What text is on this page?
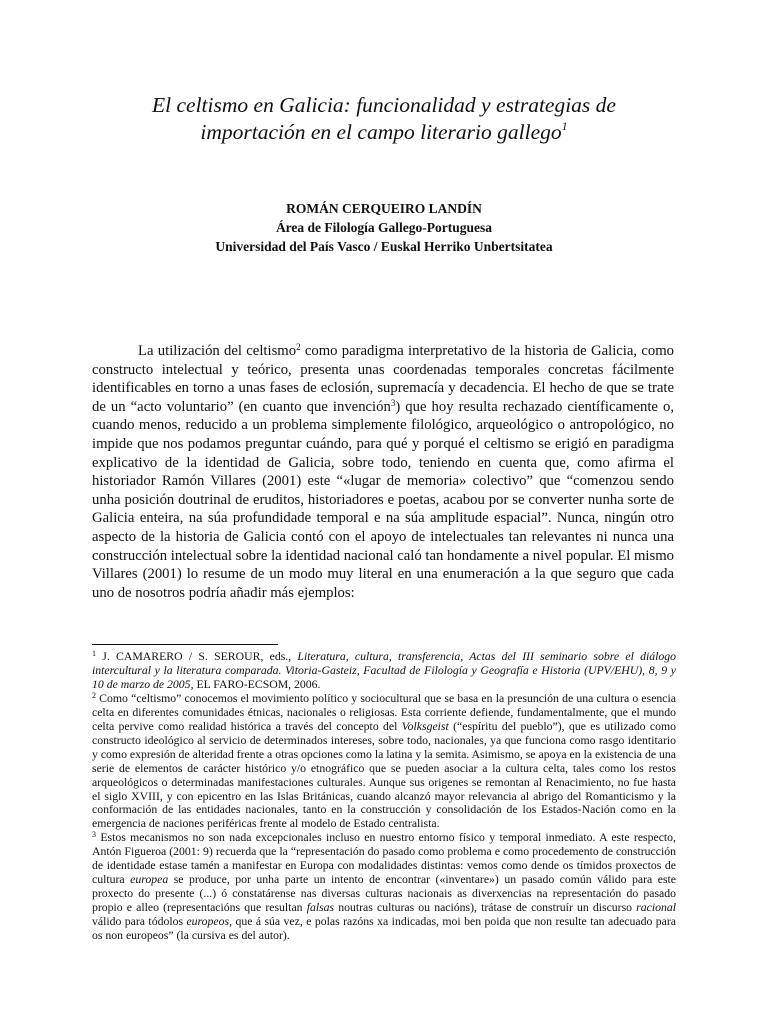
El celtismo en Galicia: funcionalidad y estrategias de
importación en el campo literario gallego$^1$
ROMÁN CERQUEIRO LANDÍN
Área de Filología Gallego-Portuguesa
Universidad del País Vasco / Euskal Herriko Unbertsitatea

La utilización del celtismo$^2$ como paradigma interpretativo de la historia de Galicia, como constructo intelectual y teórico, presenta unas coordenadas temporales concretas fácilmente identificables en torno a unas fases de eclosión, supremacía y decadencia. El hecho de que se trate de un “acto voluntario” (en cuanto que invención$^3$) que hoy resulta rechazado científicamente o, cuando menos, reducido a un problema simplemente filológico, arqueológico o antropológico, no impide que nos podamos preguntar cuándo, para qué y porqué el celtismo se erigió en paradigma explicativo de la identidad de Galicia, sobre todo, teniendo en cuenta que, como afirma el historiador Ramón Villares (2001) este “«lugar de memoria» colectivo” que “comenzou sendo unha posición doutrinal de eruditos, historiadores e poetas, acabou por se converter nunha sorte de Galicia enteira, na súa profundidade temporal e na súa amplitude espacial”. Nunca, ningún otro aspecto de la historia de Galicia contó con el apoyo de intelectuales tan relevantes ni nunca una construcción intelectual sobre la identidad nacional caló tan hondamente a nivel popular. El mismo Villares (2001) lo resume de un modo muy literal en una enumeración a la que seguro que cada uno de nosotros podría añadir más ejemplos:

$^1$ J. CAMARERO / S. SEROUR, eds., Literatura, cultura, transferencia, Actas del III seminario sobre el diálogo intercultural y la literatura comparada. Vitoria-Gasteiz, Facultad de Filología y Geografía e Historia (UPV/EHU), 8, 9 y 10 de marzo de 2005, EL FARO-ECSOM, 2006.

$^2$ Como “celtismo” conocemos el movimiento político y sociocultural que se basa en la presunción de una cultura o esencia celta en diferentes comunidades étnicas, nacionales o religiosas. Esta corriente defiende, fundamentalmente, que el mundo celta pervive como realidad histórica a través del concepto del Volksgeist (“espíritu del pueblo”), que es utilizado como constructo ideológico al servicio de determinados intereses, sobre todo, nacionales, ya que funciona como rasgo identitario y como expresión de alteridad frente a otras opciones como la latina y la semita. Asimismo, se apoya en la existencia de una serie de elementos de carácter histórico y/o etnográfico que se pueden asociar a la cultura celta, tales como los restos arqueológicos o determinadas manifestaciones culturales. Aunque sus origenes se remontan al Renacimiento, no fue hasta el siglo XVIII, y con epicentro en las Islas Británicas, cuando alcanzó mayor relevancia al abrigo del Romanticismo y la conformación de las entidades nacionales, tanto en la construcción y consolidación de los Estados-Nación como en la emergencia de naciones periféricas frente al modelo de Estado centralista.

$^3$ Estos mecanismos no son nada excepcionales incluso en nuestro entorno físico y temporal inmediato. A este respecto, Antón Figueroa (2001: 9) recuerda que la “representación do pasado como problema e como procedemento de construcción de identidade estase tamén a manifestar en Europa con modalidades distintas: vemos como dende os tímidos proxectos de cultura europea se produce, por unha parte un intento de encontrar («inventare») un pasado común válido para este proxecto do presente (...) ó constatárense nas diversas culturas nacionais as diverxencias na representación do pasado propio e alleo (representacións que resultan falsas noutras culturas ou nacións), trátase de construír un discurso racional válido para tódolos europeos, que á súa vez, e polas razóns xa indicadas, moi ben poida que non resulte tan adecuado para os non europeos” (la cursiva es del autor).
